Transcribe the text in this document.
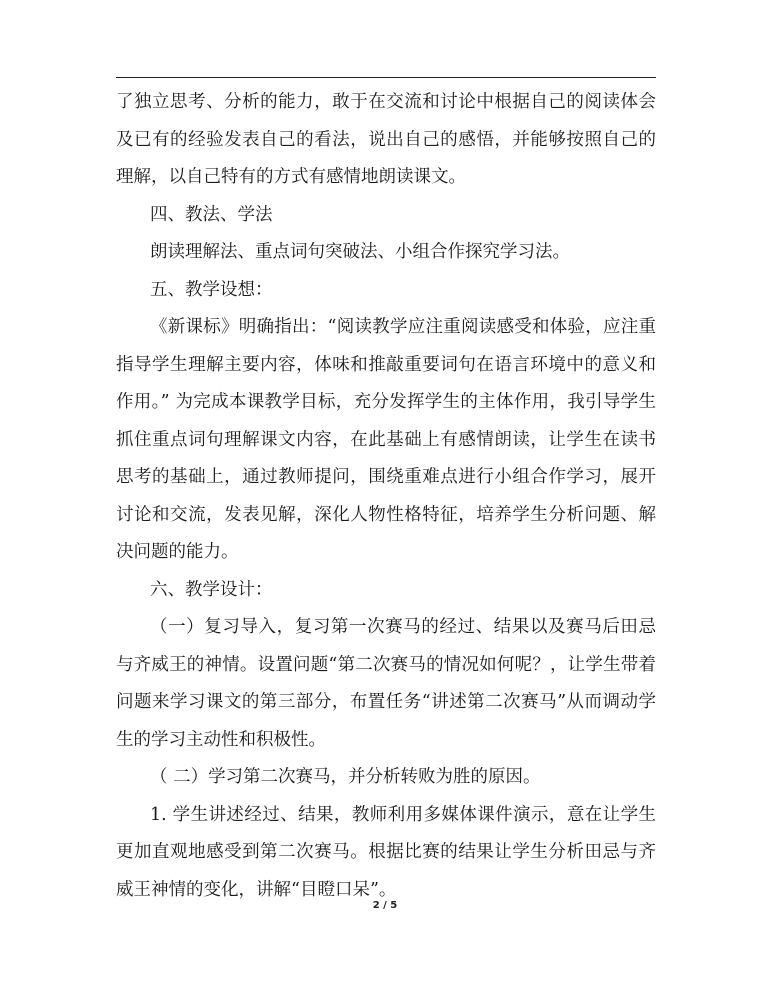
了独立思考、分析的能力，敢于在交流和讨论中根据自己的阅读体会及已有的经验发表自己的看法，说出自己的感悟，并能够按照自己的理解，以自己特有的方式有感情地朗读课文。

四、教法、学法

朗读理解法、重点词句突破法、小组合作探究学习法。

五、教学设想：

《新课标》明确指出：“阅读教学应注重阅读感受和体验，应注重指导学生理解主要内容，体味和推敲重要词句在语言环境中的意义和作用。” 为完成本课教学目标，充分发挥学生的主体作用，我引导学生抓住重点词句理解课文内容，在此基础上有感情朗读，让学生在读书思考的基础上，通过教师提问，围绕重难点进行小组合作学习，展开讨论和交流，发表见解，深化人物性格特征，培养学生分析问题、解决问题的能力。

六、教学设计：

（一）复习导入，复习第一次赛马的经过、结果以及赛马后田忌与齐威王的神情。设置问题“第二次赛马的情况如何呢？，让学生带着问题来学习课文的第三部分，布置任务“讲述第二次赛马”从而调动学生的学习主动性和积极性。

（ 二）学习第二次赛马，并分析转败为胜的原因。

1. 学生讲述经过、结果，教师利用多媒体课件演示，意在让学生更加直观地感受到第二次赛马。根据比赛的结果让学生分析田忌与齐威王神情的变化，讲解“目瞪口呆”。

2 / 5
